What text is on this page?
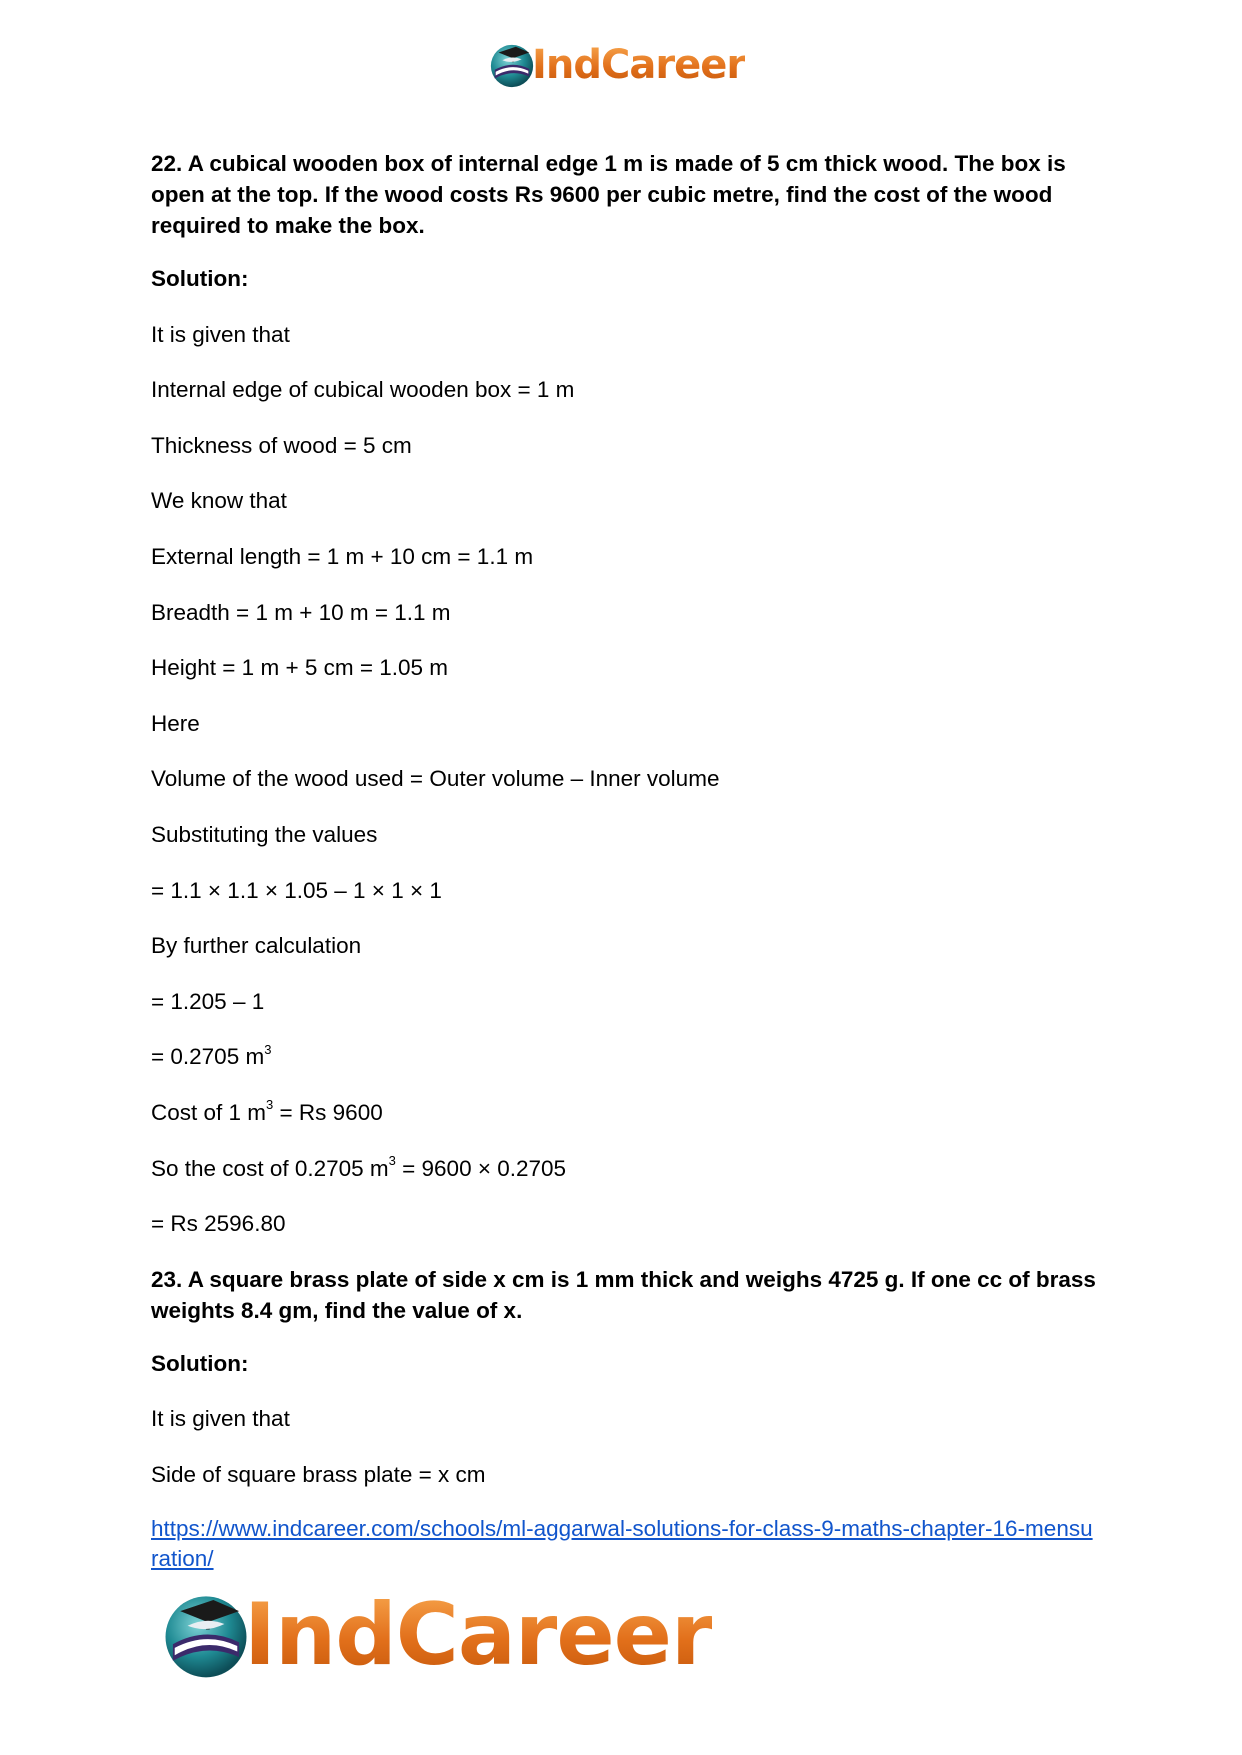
IndCareer
22. A cubical wooden box of internal edge 1 m is made of 5 cm thick wood. The box is open at the top. If the wood costs Rs 9600 per cubic metre, find the cost of the wood required to make the box.
Solution:
It is given that
Internal edge of cubical wooden box = 1 m
Thickness of wood = 5 cm
We know that
External length = 1 m + 10 cm = 1.1 m
Breadth = 1 m + 10 m = 1.1 m
Height = 1 m + 5 cm = 1.05 m
Here
Volume of the wood used = Outer volume – Inner volume
Substituting the values
= 1.1 × 1.1 × 1.05 – 1 × 1 × 1
By further calculation
= 1.205 – 1
= 0.2705 $m^3$
Cost of 1 $m^3 = Rs$ 9600
So the cost of 0.2705 $m^3 = 9600 \times 0.2705$
= Rs 2596.80
23. A square brass plate of side x cm is 1 mm thick and weighs 4725 g. If one cc of brass weights 8.4 gm, find the value of x.
Solution:
It is given that
Side of square brass plate = x cm
https://www.indcareer.com/schools/ml-aggarwal-solutions-for-class-9-maths-chapter-16-mensuration/
IndCareer
